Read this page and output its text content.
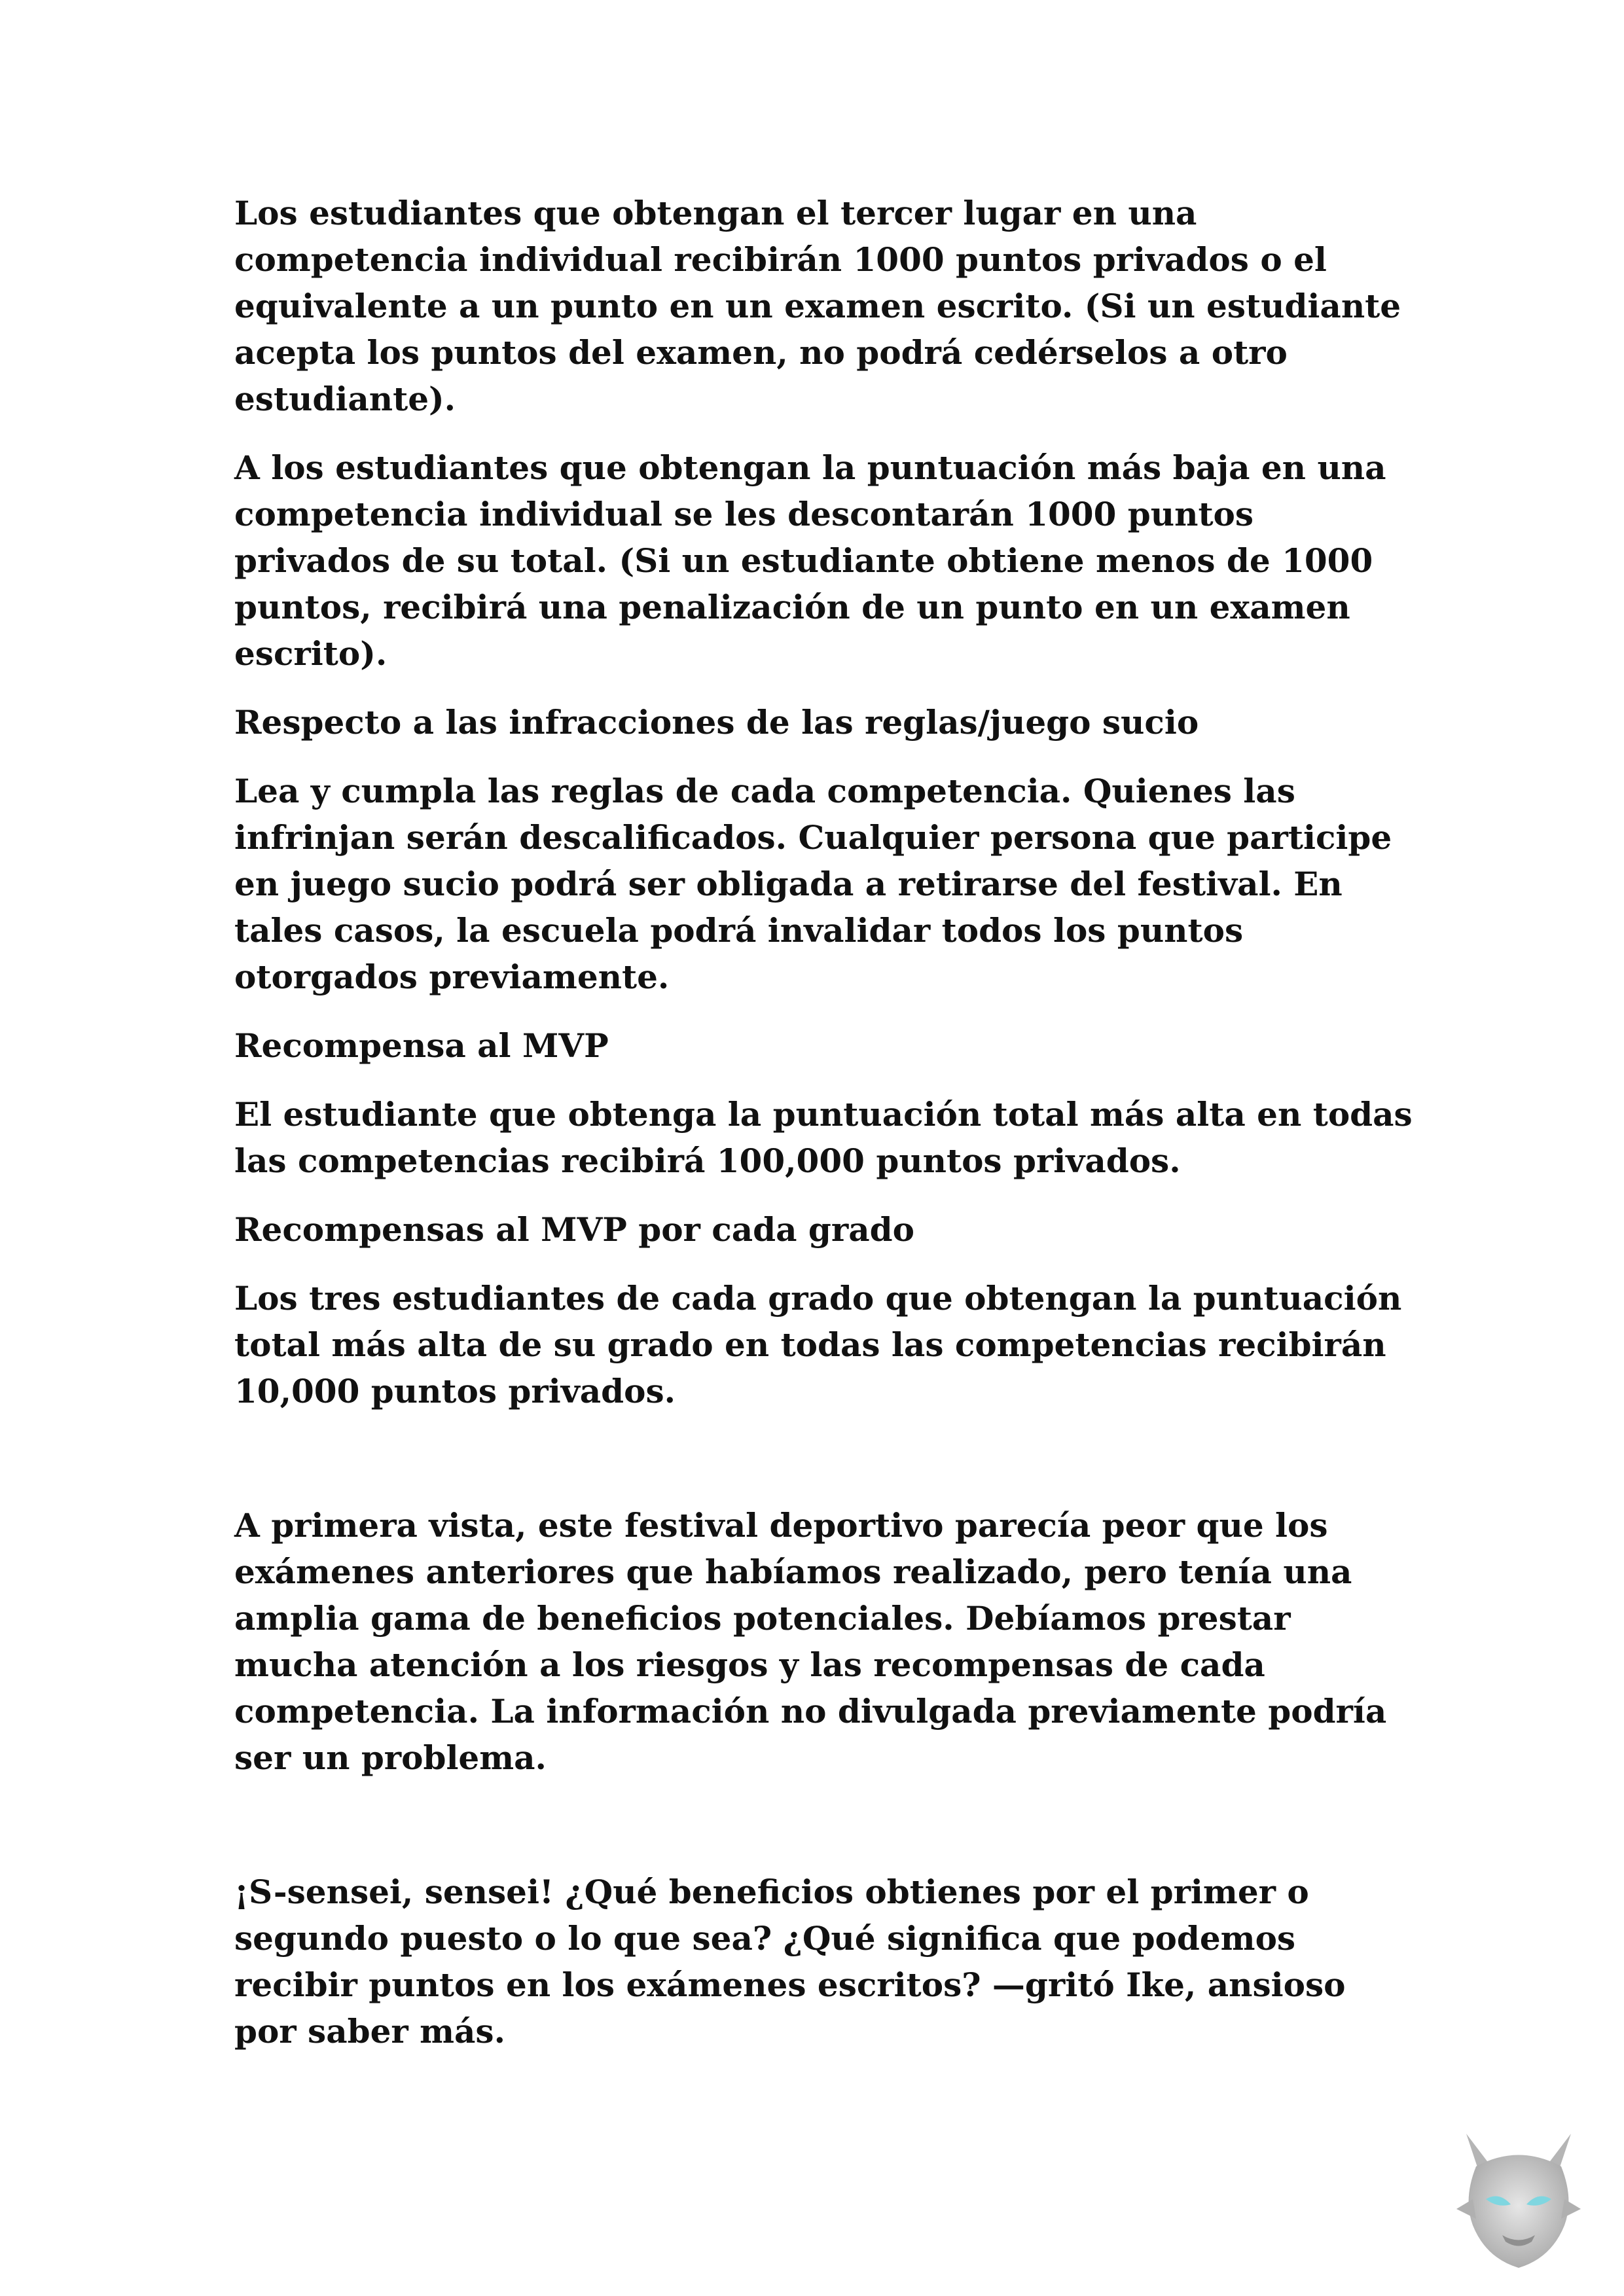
Los estudiantes que obtengan el tercer lugar en una competencia individual recibirán 1000 puntos privados o el equivalente a un punto en un examen escrito. (Si un estudiante acepta los puntos del examen, no podrá cedérselos a otro estudiante).

A los estudiantes que obtengan la puntuación más baja en una competencia individual se les descontarán 1000 puntos privados de su total. (Si un estudiante obtiene menos de 1000 puntos, recibirá una penalización de un punto en un examen escrito).

Respecto a las infracciones de las reglas/juego sucio

Lea y cumpla las reglas de cada competencia. Quienes las infrinjan serán descalificados. Cualquier persona que participe en juego sucio podrá ser obligada a retirarse del festival. En tales casos, la escuela podrá invalidar todos los puntos otorgados previamente.

Recompensa al MVP

El estudiante que obtenga la puntuación total más alta en todas las competencias recibirá 100,000 puntos privados.

Recompensas al MVP por cada grado

Los tres estudiantes de cada grado que obtengan la puntuación total más alta de su grado en todas las competencias recibirán 10,000 puntos privados.

A primera vista, este festival deportivo parecía peor que los exámenes anteriores que habíamos realizado, pero tenía una amplia gama de beneficios potenciales. Debíamos prestar mucha atención a los riesgos y las recompensas de cada competencia. La información no divulgada previamente podría ser un problema.

¡S-sensei, sensei! ¿Qué beneficios obtienes por el primer o segundo puesto o lo que sea? ¿Qué significa que podemos recibir puntos en los exámenes escritos? —gritó Ike, ansioso por saber más.
